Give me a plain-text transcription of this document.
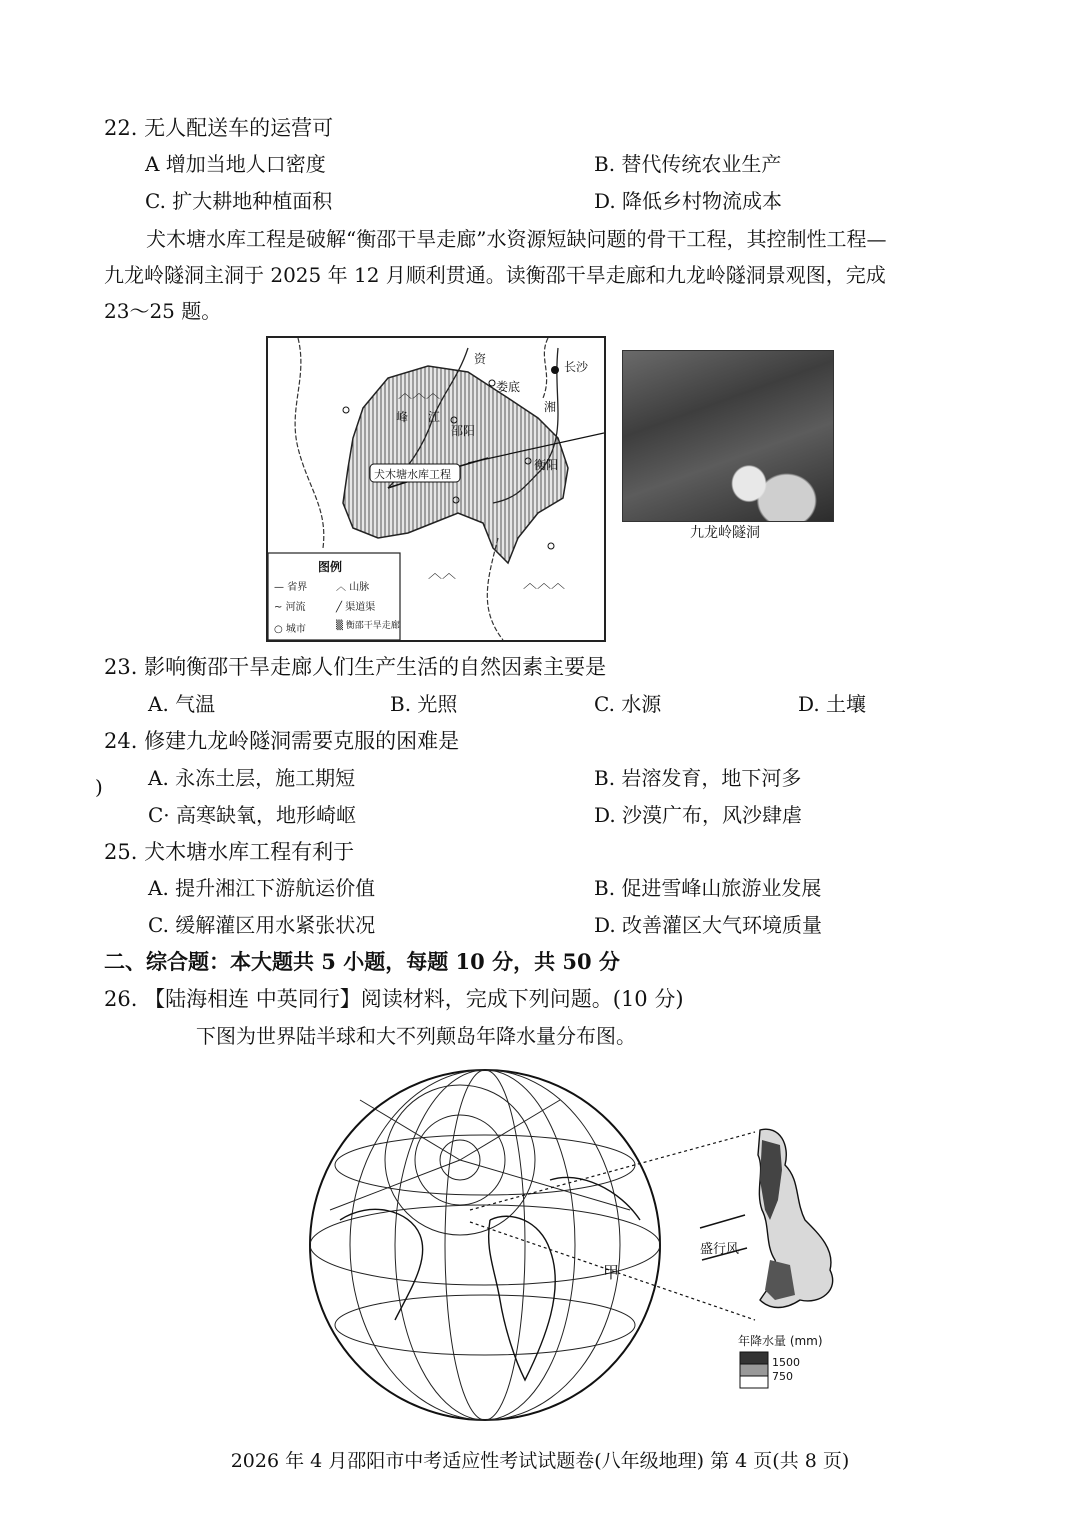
22. 无人配送车的运营可
A 增加当地人口密度	B. 替代传统农业生产
C. 扩大耕地种植面积	D. 降低乡村物流成本
犬木塘水库工程是破解“衡邵干旱走廊”水资源短缺问题的骨干工程，其控制性工程—
九龙岭隧洞主洞于 2025 年 12 月顺利贯通。读衡邵干旱走廊和九龙岭隧洞景观图，完成
23～25 题。
︿︿︿
︿︿
︿︿︿
长沙
资
娄底
邵阳
衡阳
江
湘
峰
犬木塘水库工程
图例
— 省界	︿ 山脉
~ 河流	╱ 渠道渠
○ 城市	▒ 衡邵干旱走廊
九龙岭隧洞
23. 影响衡邵干旱走廊人们生产生活的自然因素主要是
A. 气温	B. 光照	C. 水源	D. 土壤
24. 修建九龙岭隧洞需要克服的困难是
) A. 永冻土层，施工期短	B. 岩溶发育，地下河多
C· 高寒缺氧，地形崎岖	D. 沙漠广布，风沙肆虐
25. 犬木塘水库工程有利于
A. 提升湘江下游航运价值	B. 促进雪峰山旅游业发展
C. 缓解灌区用水紧张状况	D. 改善灌区大气环境质量
二、综合题：本大题共 5 小题，每题 10 分，共 50 分
26. 【陆海相连 中英同行】阅读材料，完成下列问题。(10 分)
下图为世界陆半球和大不列颠岛年降水量分布图。
甲
盛行风
年降水量 (mm)
1500
750
2026 年 4 月邵阳市中考适应性考试试题卷(八年级地理) 第 4 页(共 8 页)
